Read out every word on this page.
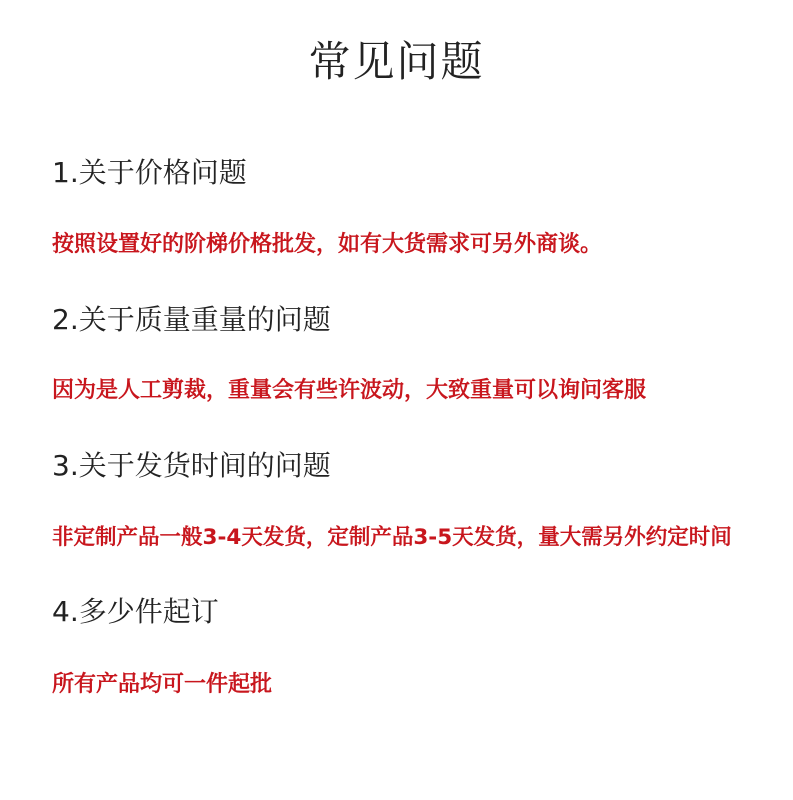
常见问题
1.关于价格问题
按照设置好的阶梯价格批发，如有大货需求可另外商谈。
2.关于质量重量的问题
因为是人工剪裁，重量会有些许波动，大致重量可以询问客服
3.关于发货时间的问题
非定制产品一般3-4天发货，定制产品3-5天发货，量大需另外约定时间
4.多少件起订
所有产品均可一件起批
